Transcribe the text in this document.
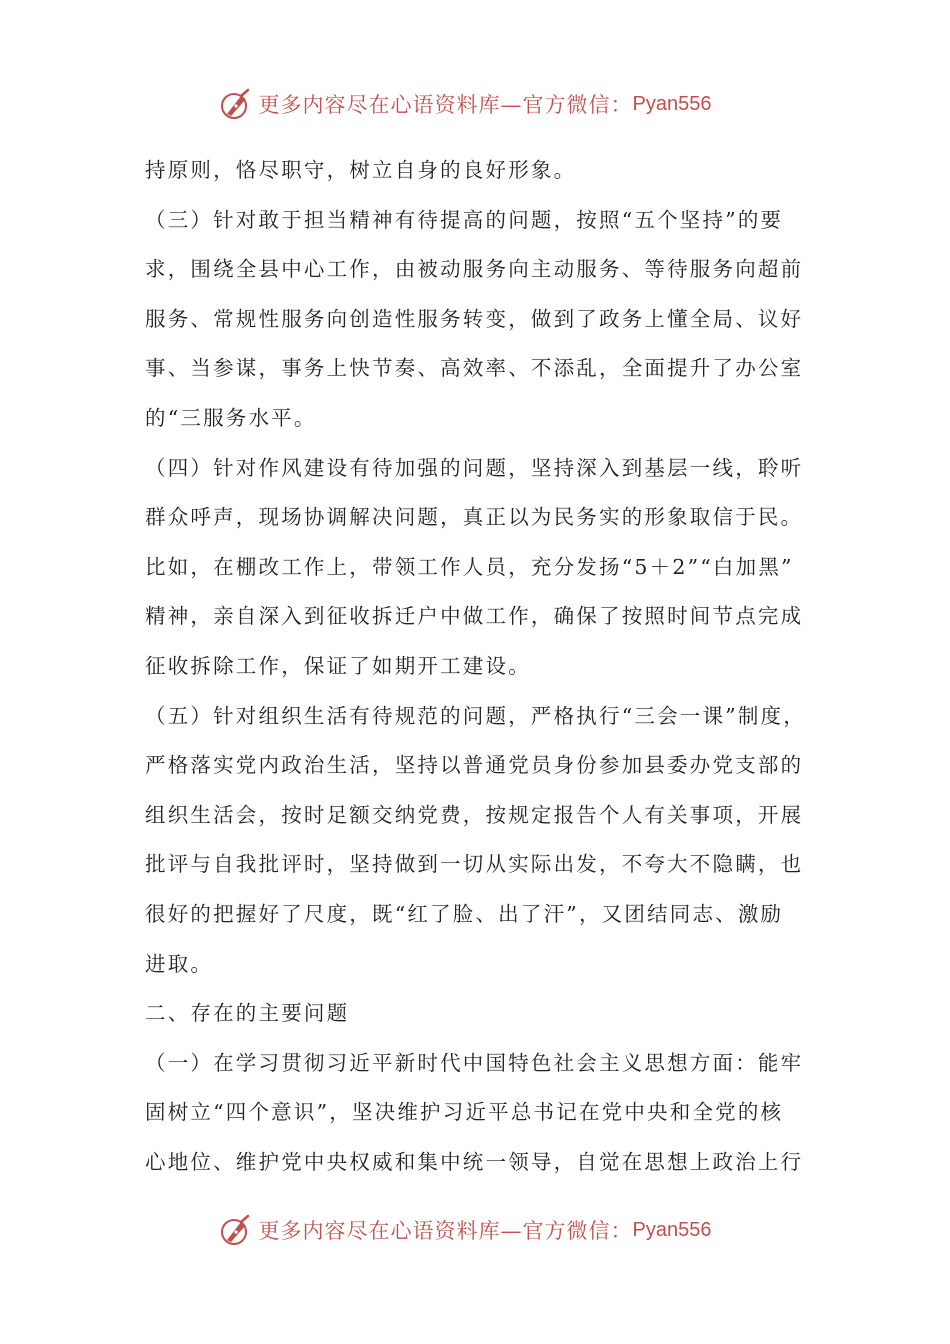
更多内容尽在心语资料库—官方微信： Pyan556
持原则，恪尽职守，树立自身的良好形象。
（三）针对敢于担当精神有待提高的问题，按照“五个坚持”的要
求，围绕全县中心工作，由被动服务向主动服务、等待服务向超前
服务、常规性服务向创造性服务转变，做到了政务上懂全局、议好
事、当参谋，事务上快节奏、高效率、不添乱，全面提升了办公室
的“三服务水平。
（四）针对作风建设有待加强的问题，坚持深入到基层一线，聆听
群众呼声，现场协调解决问题，真正以为民务实的形象取信于民。
比如，在棚改工作上，带领工作人员，充分发扬“5＋2”“白加黑”
精神，亲自深入到征收拆迁户中做工作，确保了按照时间节点完成
征收拆除工作，保证了如期开工建设。
（五）针对组织生活有待规范的问题，严格执行“三会一课”制度，
严格落实党内政治生活，坚持以普通党员身份参加县委办党支部的
组织生活会，按时足额交纳党费，按规定报告个人有关事项，开展
批评与自我批评时，坚持做到一切从实际出发，不夸大不隐瞒，也
很好的把握好了尺度，既“红了脸、出了汗”，又团结同志、激励
进取。
二、存在的主要问题
（一）在学习贯彻习近平新时代中国特色社会主义思想方面：能牢
固树立“四个意识”，坚决维护习近平总书记在党中央和全党的核
心地位、维护党中央权威和集中统一领导，自觉在思想上政治上行
更多内容尽在心语资料库—官方微信： Pyan556
